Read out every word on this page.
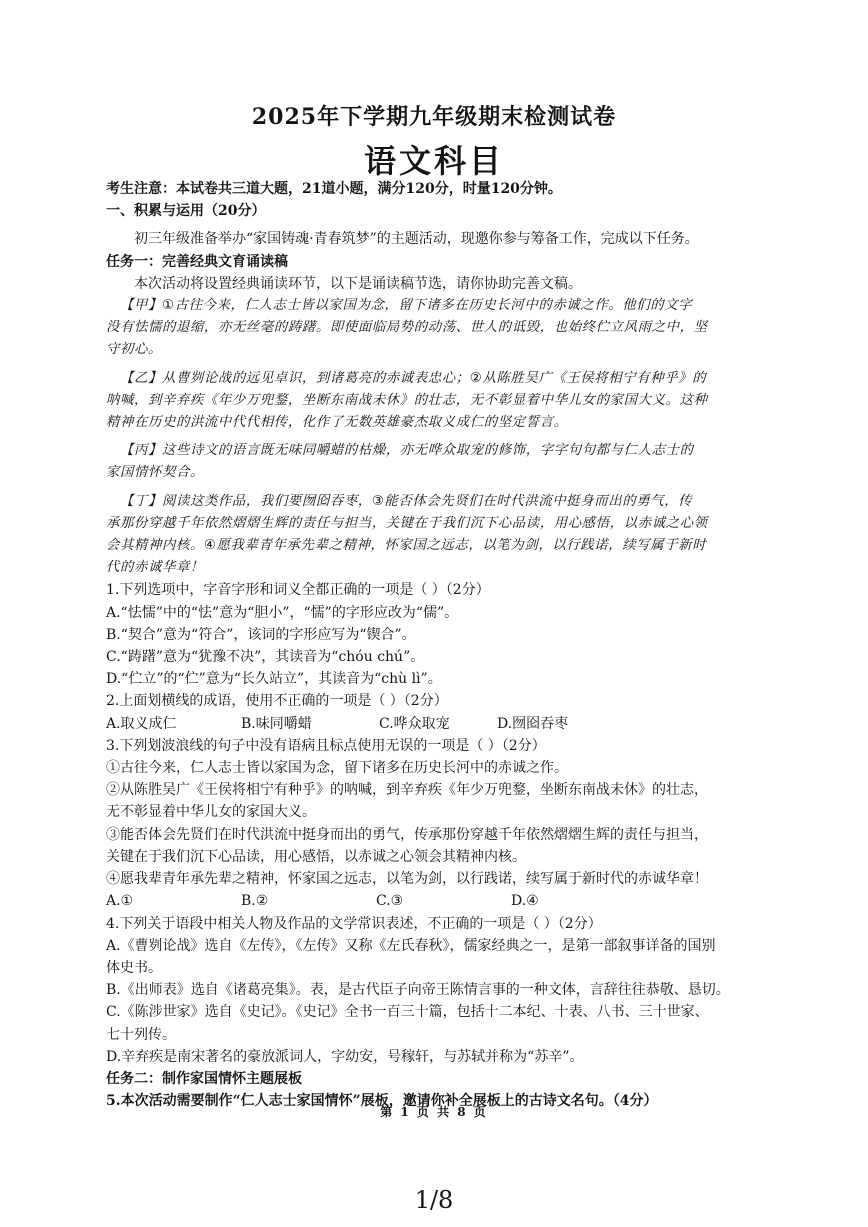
2025年下学期九年级期末检测试卷
语文科目

考生注意：本试卷共三道大题，21道小题，满分120分，时量120分钟。

一、积累与运用（20分）

初三年级准备举办“家国铸魂·青春筑梦”的主题活动，现邀你参与筹备工作，完成以下任务。

任务一：完善经典文育诵读稿

本次活动将设置经典诵读环节，以下是诵读稿节选，请你协助完善文稿。

【甲】①古往今来，仁人志士皆以家国为念，留下诸多在历史长河中的赤诚之作。他们的文字

没有怯懦的退缩，亦无丝毫的踌躇。即使面临局势的动荡、世人的诋毁，也始终伫立风雨之中，坚

守初心。

【乙】从曹刿论战的远见卓识，到诸葛亮的赤诚表忠心；②从陈胜吴广《王侯将相宁有种乎》的

呐喊，到辛弃疾《年少万兜鍪，坐断东南战未休》的壮志，无不彰显着中华儿女的家国大义。这种

精神在历史的洪流中代代相传，化作了无数英雄豪杰取义成仁的坚定誓言。

【丙】这些诗文的语言既无味同嚼蜡的枯燥，亦无哗众取宠的修饰，字字句句都与仁人志士的

家国情怀契合。

【丁】阅读这类作品，我们要囫囵吞枣，③能否体会先贤们在时代洪流中挺身而出的勇气，传

承那份穿越千年依然熠熠生辉的责任与担当，关键在于我们沉下心品读，用心感悟，以赤诚之心领

会其精神内核。④愿我辈青年承先辈之精神，怀家国之远志，以笔为剑，以行践诺，续写属于新时

代的赤诚华章！

1.下列选项中，字音字形和词义全都正确的一项是（ ）（2分）

A.“怯懦”中的“怯”意为“胆小”，“懦”的字形应改为“儒”。

B.“契合”意为“符合”，该词的字形应写为“锲合”。

C.“踌躇”意为“犹豫不决”，其读音为“chóu chú”。

D.“伫立”的“伫”意为“长久站立”，其读音为“chù lì”。

2.上面划横线的成语，使用不正确的一项是（ ）（2分）

A.取义成仁	B.味同嚼蜡	C.哗众取宠	D.囫囵吞枣

3.下列划波浪线的句子中没有语病且标点使用无误的一项是（ ）（2分）

①古往今来，仁人志士皆以家国为念，留下诸多在历史长河中的赤诚之作。

②从陈胜吴广《王侯将相宁有种乎》的呐喊，到辛弃疾《年少万兜鍪，坐断东南战未休》的壮志，

无不彰显着中华儿女的家国大义。

③能否体会先贤们在时代洪流中挺身而出的勇气，传承那份穿越千年依然熠熠生辉的责任与担当，

关键在于我们沉下心品读，用心感悟，以赤诚之心领会其精神内核。

④愿我辈青年承先辈之精神，怀家国之远志，以笔为剑，以行践诺，续写属于新时代的赤诚华章！

A.①	B.②	C.③	D.④

4.下列关于语段中相关人物及作品的文学常识表述，不正确的一项是（ ）（2分）

A.《曹刿论战》选自《左传》，《左传》又称《左氏春秋》，儒家经典之一，是第一部叙事详备的国别

体史书。

B.《出师表》选自《诸葛亮集》。表，是古代臣子向帝王陈情言事的一种文体，言辞往往恭敬、恳切。

C.《陈涉世家》选自《史记》。《史记》全书一百三十篇，包括十二本纪、十表、八书、三十世家、

七十列传。

D.辛弃疾是南宋著名的豪放派词人，字幼安，号稼轩，与苏轼并称为“苏辛”。

任务二：制作家国情怀主题展板

5.本次活动需要制作“仁人志士家国情怀”展板，邀请你补全展板上的古诗文名句。（4分）

第 1 页 共 8 页
1/8
